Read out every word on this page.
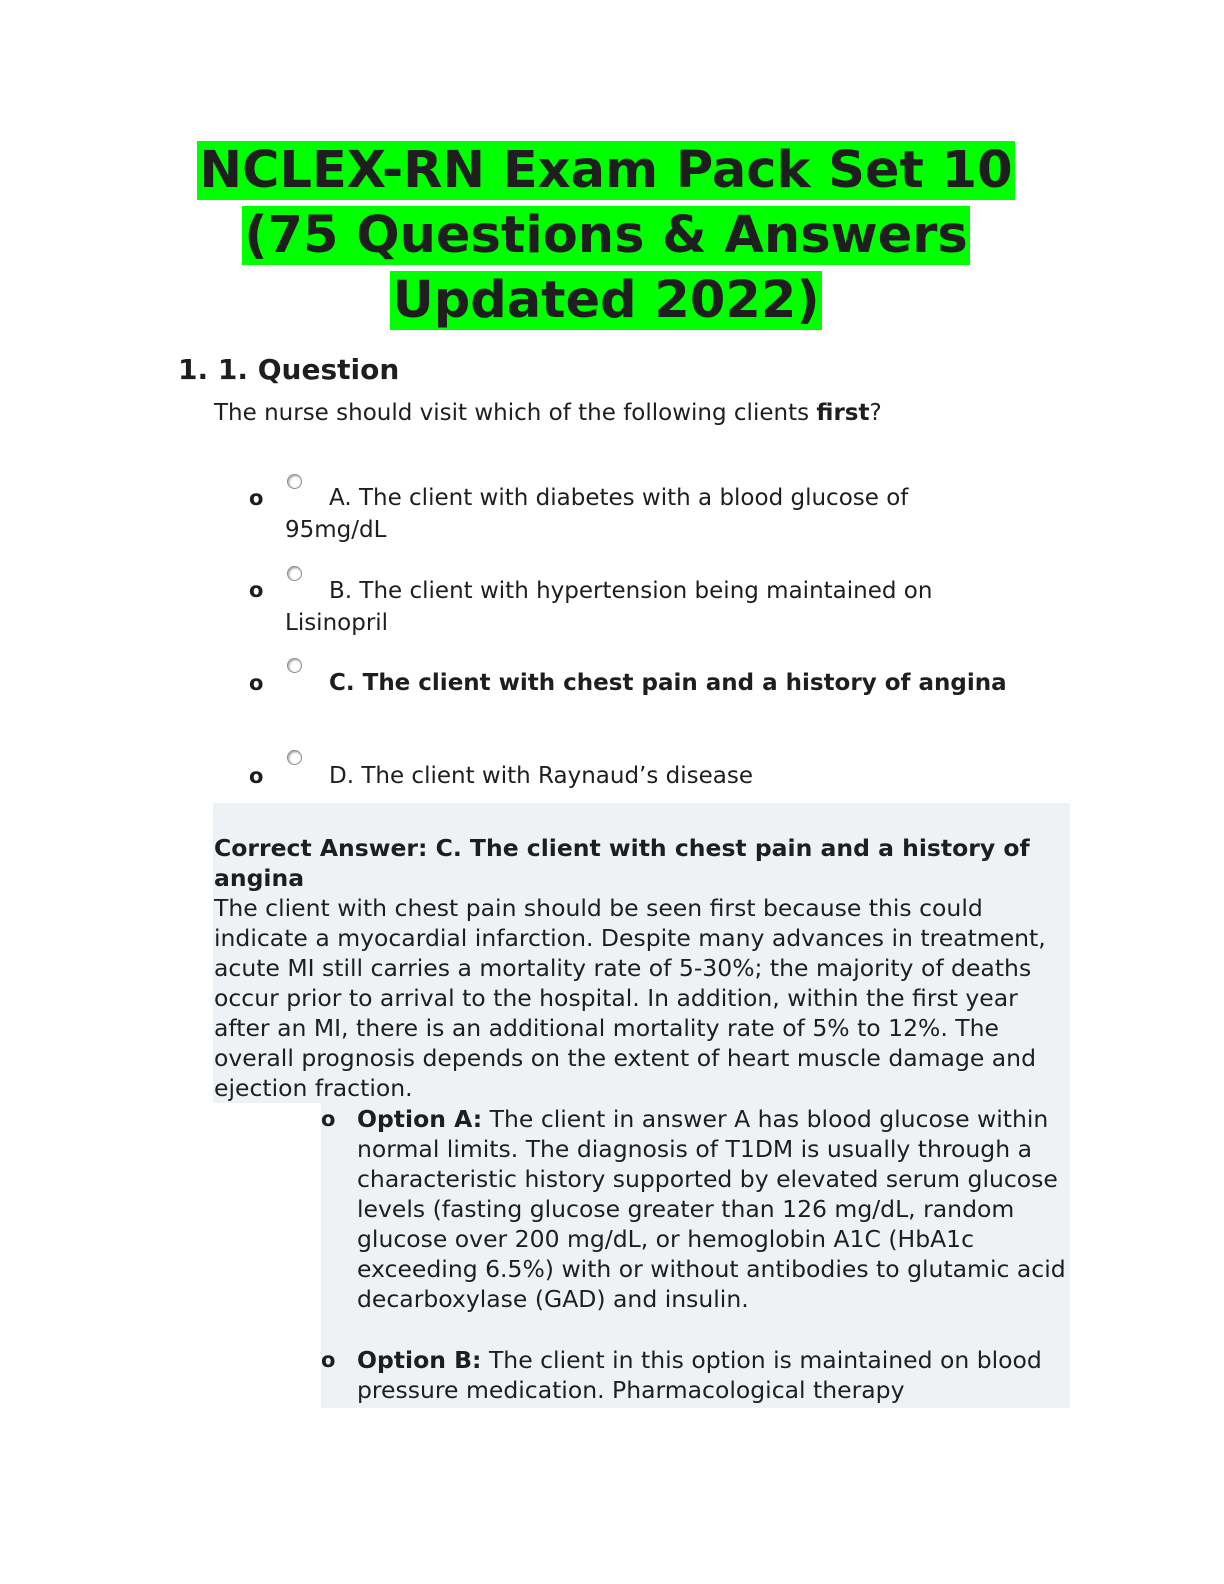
NCLEX-RN Exam Pack Set 10
(75 Questions & Answers
Updated 2022)
1. 1. Question
The nurse should visit which of the following clients first?
o	A. The client with diabetes with a blood glucose of 95mg/dL
o	B. The client with hypertension being maintained on Lisinopril
o	C. The client with chest pain and a history of angina
o	D. The client with Raynaud’s disease
Correct Answer: C. The client with chest pain and a history of angina
The client with chest pain should be seen first because this could indicate a myocardial infarction. Despite many advances in treatment, acute MI still carries a mortality rate of 5-30%; the majority of deaths occur prior to arrival to the hospital. In addition, within the first year after an MI, there is an additional mortality rate of 5% to 12%. The overall prognosis depends on the extent of heart muscle damage and ejection fraction.
o Option A: The client in answer A has blood glucose within normal limits. The diagnosis of T1DM is usually through a characteristic history supported by elevated serum glucose levels (fasting glucose greater than 126 mg/dL, random glucose over 200 mg/dL, or hemoglobin A1C (HbA1c exceeding 6.5%) with or without antibodies to glutamic acid decarboxylase (GAD) and insulin.
o Option B: The client in this option is maintained on blood pressure medication. Pharmacological therapy
